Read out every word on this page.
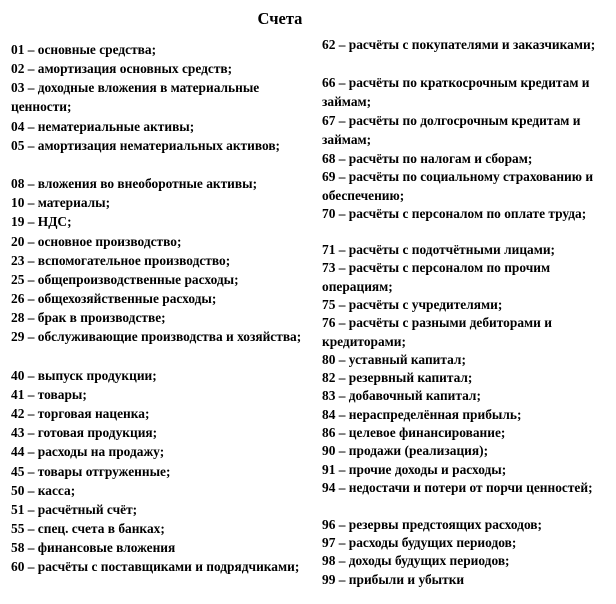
Счета
01 – основные средства;
02 – амортизация основных средств;
03 – доходные вложения в материальные ценности;
04 – нематериальные активы;
05 – амортизация нематериальных активов;
08 – вложения во внеоборотные активы;
10 – материалы;
19 – НДС;
20 – основное производство;
23 – вспомогательное производство;
25 – общепроизводственные расходы;
26 – общехозяйственные расходы;
28 – брак в производстве;
29 – обслуживающие производства и хозяйства;
40 – выпуск продукции;
41 – товары;
42 – торговая наценка;
43 – готовая продукция;
44 – расходы на продажу;
45 – товары отгруженные;
50 – касса;
51 – расчётный счёт;
55 – спец. счета в банках;
58 – финансовые вложения
60 – расчёты с поставщиками и подрядчиками;
62 – расчёты с покупателями и заказчиками;
66 – расчёты по краткосрочным кредитам и займам;
67 – расчёты по долгосрочным кредитам и займам;
68 – расчёты по налогам и сборам;
69 – расчёты по социальному страхованию и обеспечению;
70 – расчёты с персоналом по оплате труда;
71 – расчёты с подотчётными лицами;
73 – расчёты с персоналом по прочим операциям;
75 – расчёты с учредителями;
76 – расчёты с разными дебиторами и кредиторами;
80 – уставный капитал;
82 – резервный капитал;
83 – добавочный капитал;
84 – нераспределённая прибыль;
86 – целевое финансирование;
90 – продажи (реализация);
91 – прочие доходы и расходы;
94 – недостачи и потери от порчи ценностей;
96 – резервы предстоящих расходов;
97 – расходы будущих периодов;
98 – доходы будущих периодов;
99 – прибыли и убытки
